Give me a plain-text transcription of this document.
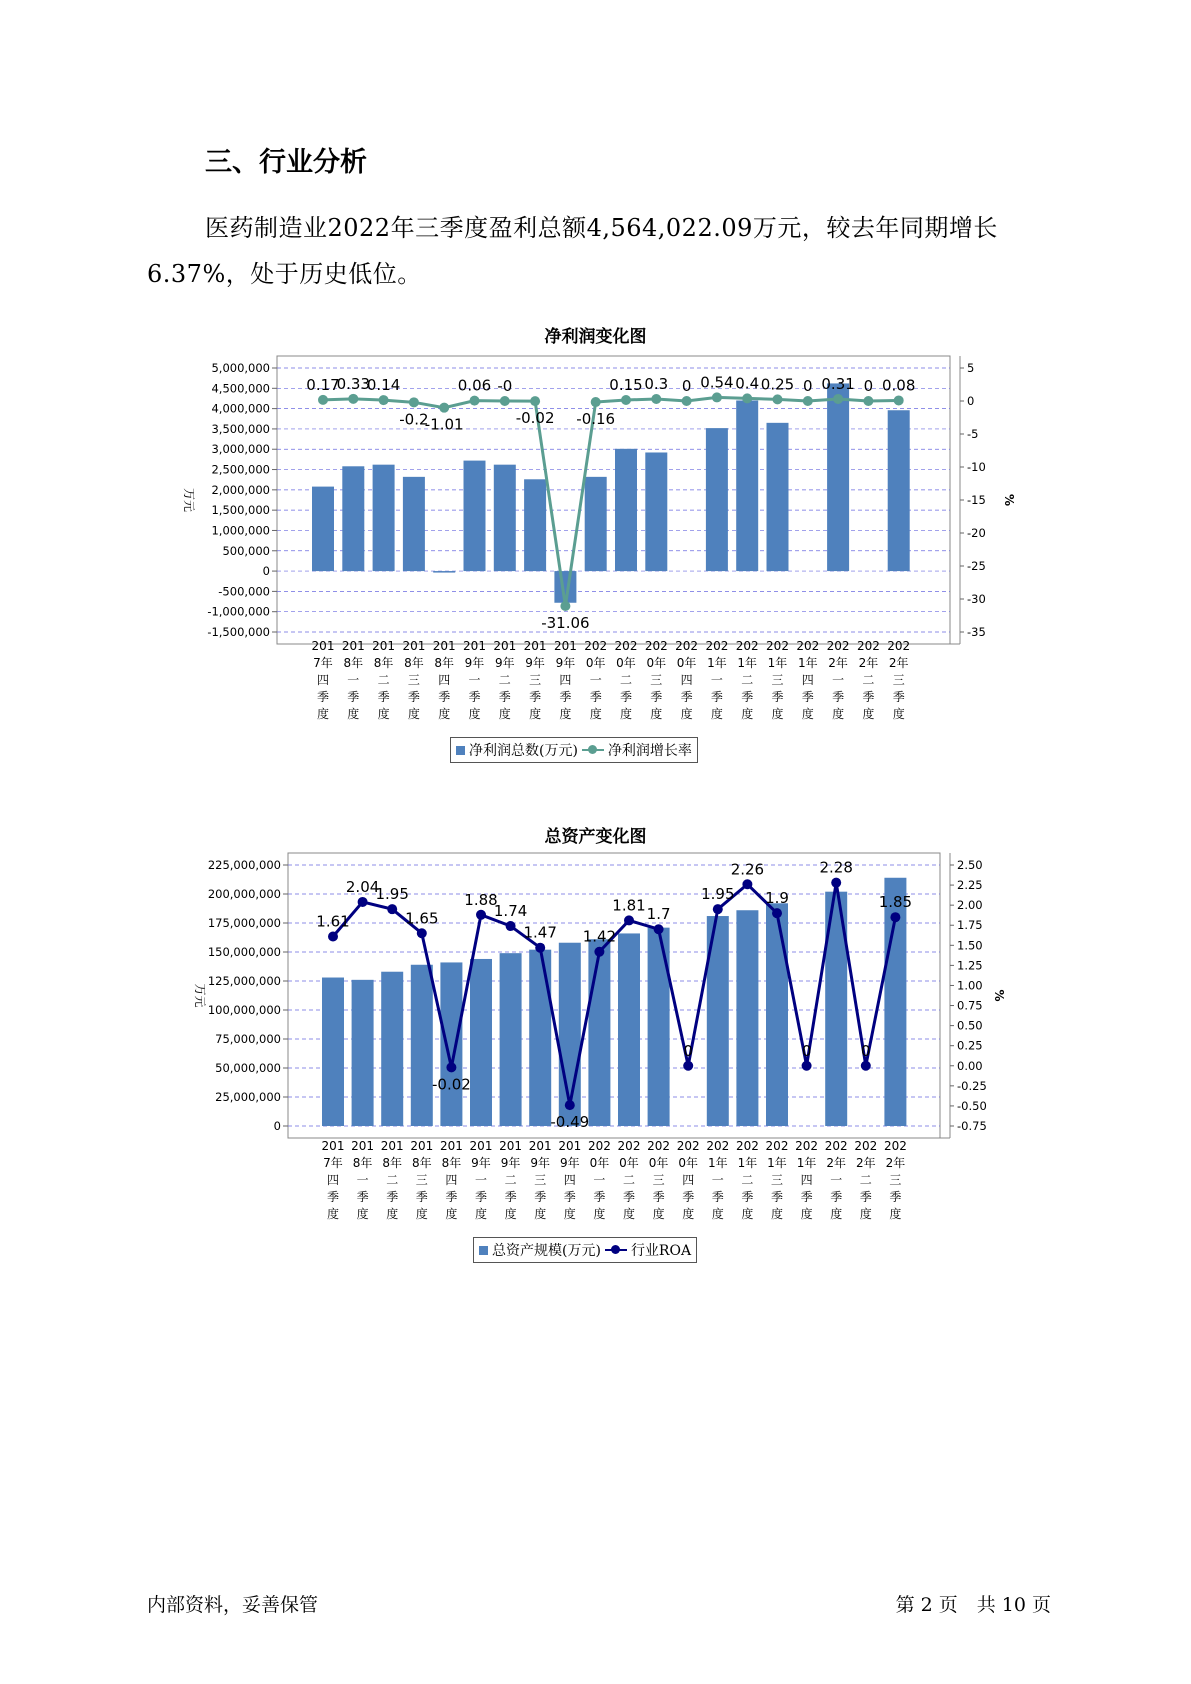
三、行业分析

医药制造业2022年三季度盈利总额4,564,022.09万元，较去年同期增长6.37%，处于历史低位。

净利润变化图
5,000,000
4,500,000
4,000,000
3,500,000
3,000,000
2,500,000
2,000,000
1,500,000
1,000,000
500,000
0
-500,000
-1,000,000
-1,500,000
5
0
-5
-10
-15
-20
-25
-30
-35
万元	%
0.17
0.33
0.14
-0.2
-1.01
0.06 -0
-0.02
-31.06
-0.16
0.15 0.3 0 0.54 0.4 0.25 0 0.31 0 0.08
201 7年四季度
201 8年一季度
201 8年二季度
201 8年三季度
201 8年四季度
201 9年一季度
201 9年二季度
201 9年三季度
201 9年四季度
202 0年一季度
202 0年二季度
202 0年三季度
202 0年四季度
202 1年一季度
202 1年二季度
202 1年三季度
202 1年四季度
202 2年一季度
202 2年二季度
202 2年三季度
净利润总数(万元) 净利润增长率
总资产变化图
225,000,000
200,000,000
175,000,000
150,000,000
125,000,000
100,000,000
75,000,000
50,000,000
25,000,000
0
2.50
2.25
2.00
1.75
1.50
1.25
1.00
0.75
0.50
0.25
0.00
-0.25
-0.50
-0.75
万元	%
1.61
2.04
1.95
1.65
-0.02
1.88
1.74
1.47
-0.49
1.42
1.81 1.7
0
1.95
2.26
1.9
0
2.28
0
1.85
201 7年四季度
201 8年一季度
201 8年二季度
201 8年三季度
201 8年四季度
201 9年一季度
201 9年二季度
201 9年三季度
201 9年四季度
202 0年一季度
202 0年二季度
202 0年三季度
202 0年四季度
202 1年一季度
202 1年二季度
202 1年三季度
202 1年四季度
202 2年一季度
202 2年二季度
202 2年三季度
总资产规模(万元) 行业ROA
内部资料，妥善保管	第 2 页　共 10 页
